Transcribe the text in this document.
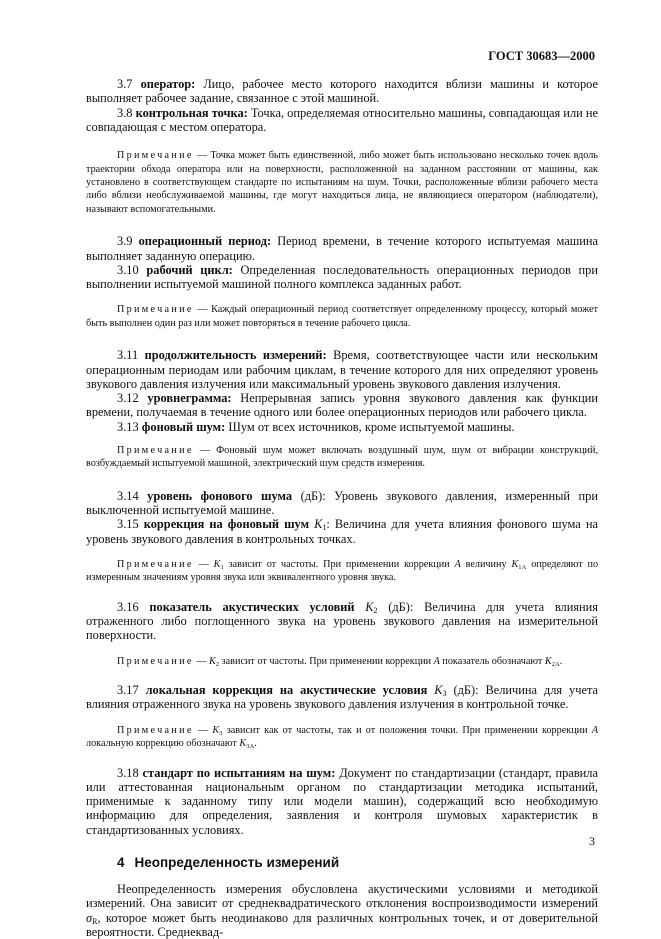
ГОСТ 30683—2000

3.7 оператор: Лицо, рабочее место которого находится вблизи машины и которое выполняет рабочее задание, связанное с этой машиной.

3.8 контрольная точка: Точка, определяемая относительно машины, совпадающая или не совпадающая с местом оператора.

Примечание — Точка может быть единственной, либо может быть использовано несколько точек вдоль траектории обхода оператора или на поверхности, расположенной на заданном расстоянии от машины, как установлено в соответствующем стандарте по испытаниям на шум. Точки, расположенные вблизи рабочего места либо вблизи необслуживаемой машины, где могут находиться лица, не являющиеся оператором (наблюдатели), называют вспомогательными.

3.9 операционный период: Период времени, в течение которого испытуемая машина выполняет заданную операцию.

3.10 рабочий цикл: Определенная последовательность операционных периодов при выполнении испытуемой машиной полного комплекса заданных работ.

Примечание — Каждый операционный период соответствует определенному процессу, который может быть выполнен один раз или может повторяться в течение рабочего цикла.

3.11 продолжительность измерений: Время, соответствующее части или нескольким операционным периодам или рабочим циклам, в течение которого для них определяют уровень звукового давления излучения или максимальный уровень звукового давления излучения.

3.12 уровнеграмма: Непрерывная запись уровня звукового давления как функции времени, получаемая в течение одного или более операционных периодов или рабочего цикла.

3.13 фоновый шум: Шум от всех источников, кроме испытуемой машины.

Примечание — Фоновый шум может включать воздушный шум, шум от вибрации конструкций, возбуждаемый испытуемой машиной, электрический шум средств измерения.

3.14 уровень фонового шума (дБ): Уровень звукового давления, измеренный при выключенной испытуемой машине.

3.15 коррекция на фоновый шум $K_1$: Величина для учета влияния фонового шума на уровень звукового давления в контрольных точках.

Примечание — $K_1$ зависит от частоты. При применении коррекции A величину $K_{1A}$ определяют по измеренным значениям уровня звука или эквивалентного уровня звука.

3.16 показатель акустических условий $K_2$ (дБ): Величина для учета влияния отраженного либо поглощенного звука на уровень звукового давления на измерительной поверхности.

Примечание — $K_2$ зависит от частоты. При применении коррекции A показатель обозначают $K_{2A}$.

3.17 локальная коррекция на акустические условия $K_3$ (дБ): Величина для учета влияния отраженного звука на уровень звукового давления излучения в контрольной точке.

Примечание — $K_3$ зависит как от частоты, так и от положения точки. При применении коррекции A локальную коррекцию обозначают $K_{3A}$.

3.18 стандарт по испытаниям на шум: Документ по стандартизации (стандарт, правила или аттестованная национальным органом по стандартизации методика испытаний, применимые к заданному типу или модели машин), содержащий всю необходимую информацию для определения, заявления и контроля шумовых характеристик в стандартизованных условиях.

4 Неопределенность измерений

Неопределенность измерения обусловлена акустическими условиями и методикой измерений. Она зависит от среднеквадратического отклонения воспроизводимости измерений $\sigma_R$, которое может быть неодинаково для различных контрольных точек, и от доверительной вероятности. Среднеквад-

3
